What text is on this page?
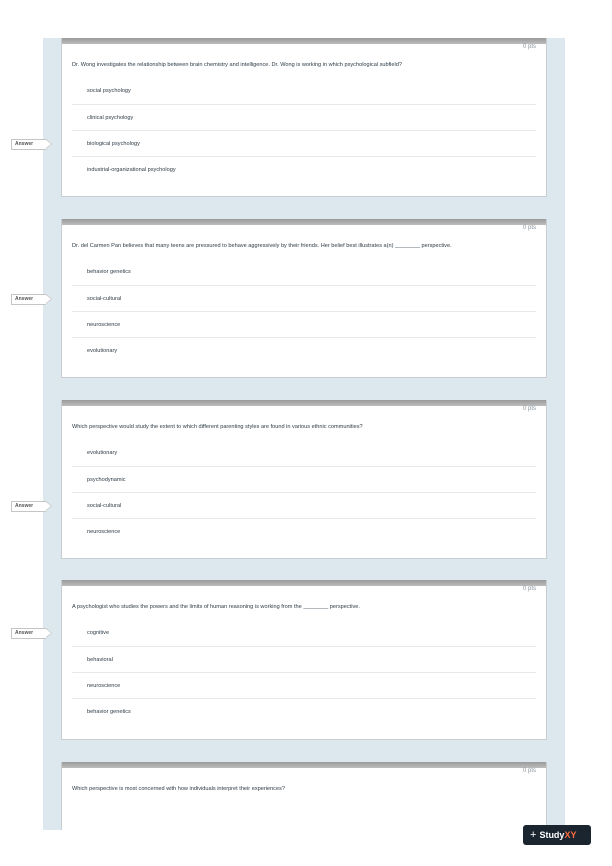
0 pts
Dr. Wong investigates the relationship between brain chemistry and intelligence. Dr. Wong is working in which psychological subfield?
social psychology
clinical psychology
Answer	biological psychology
industrial-organizational psychology
0 pts
Dr. del Carmen Pan believes that many teens are pressured to behave aggressively by their friends. Her belief best illustrates a(n) ________ perspective.
behavior genetics
Answer	social-cultural
neuroscience
evolutionary
0 pts
Which perspective would study the extent to which different parenting styles are found in various ethnic communities?
evolutionary
psychodynamic
Answer	social-cultural
neuroscience
0 pts
A psychologist who studies the powers and the limits of human reasoning is working from the ________ perspective.
Answer	cognitive
behavioral
neuroscience
behavior genetics
0 pts
Which perspective is most concerned with how individuals interpret their experiences?
+ StudyXY
